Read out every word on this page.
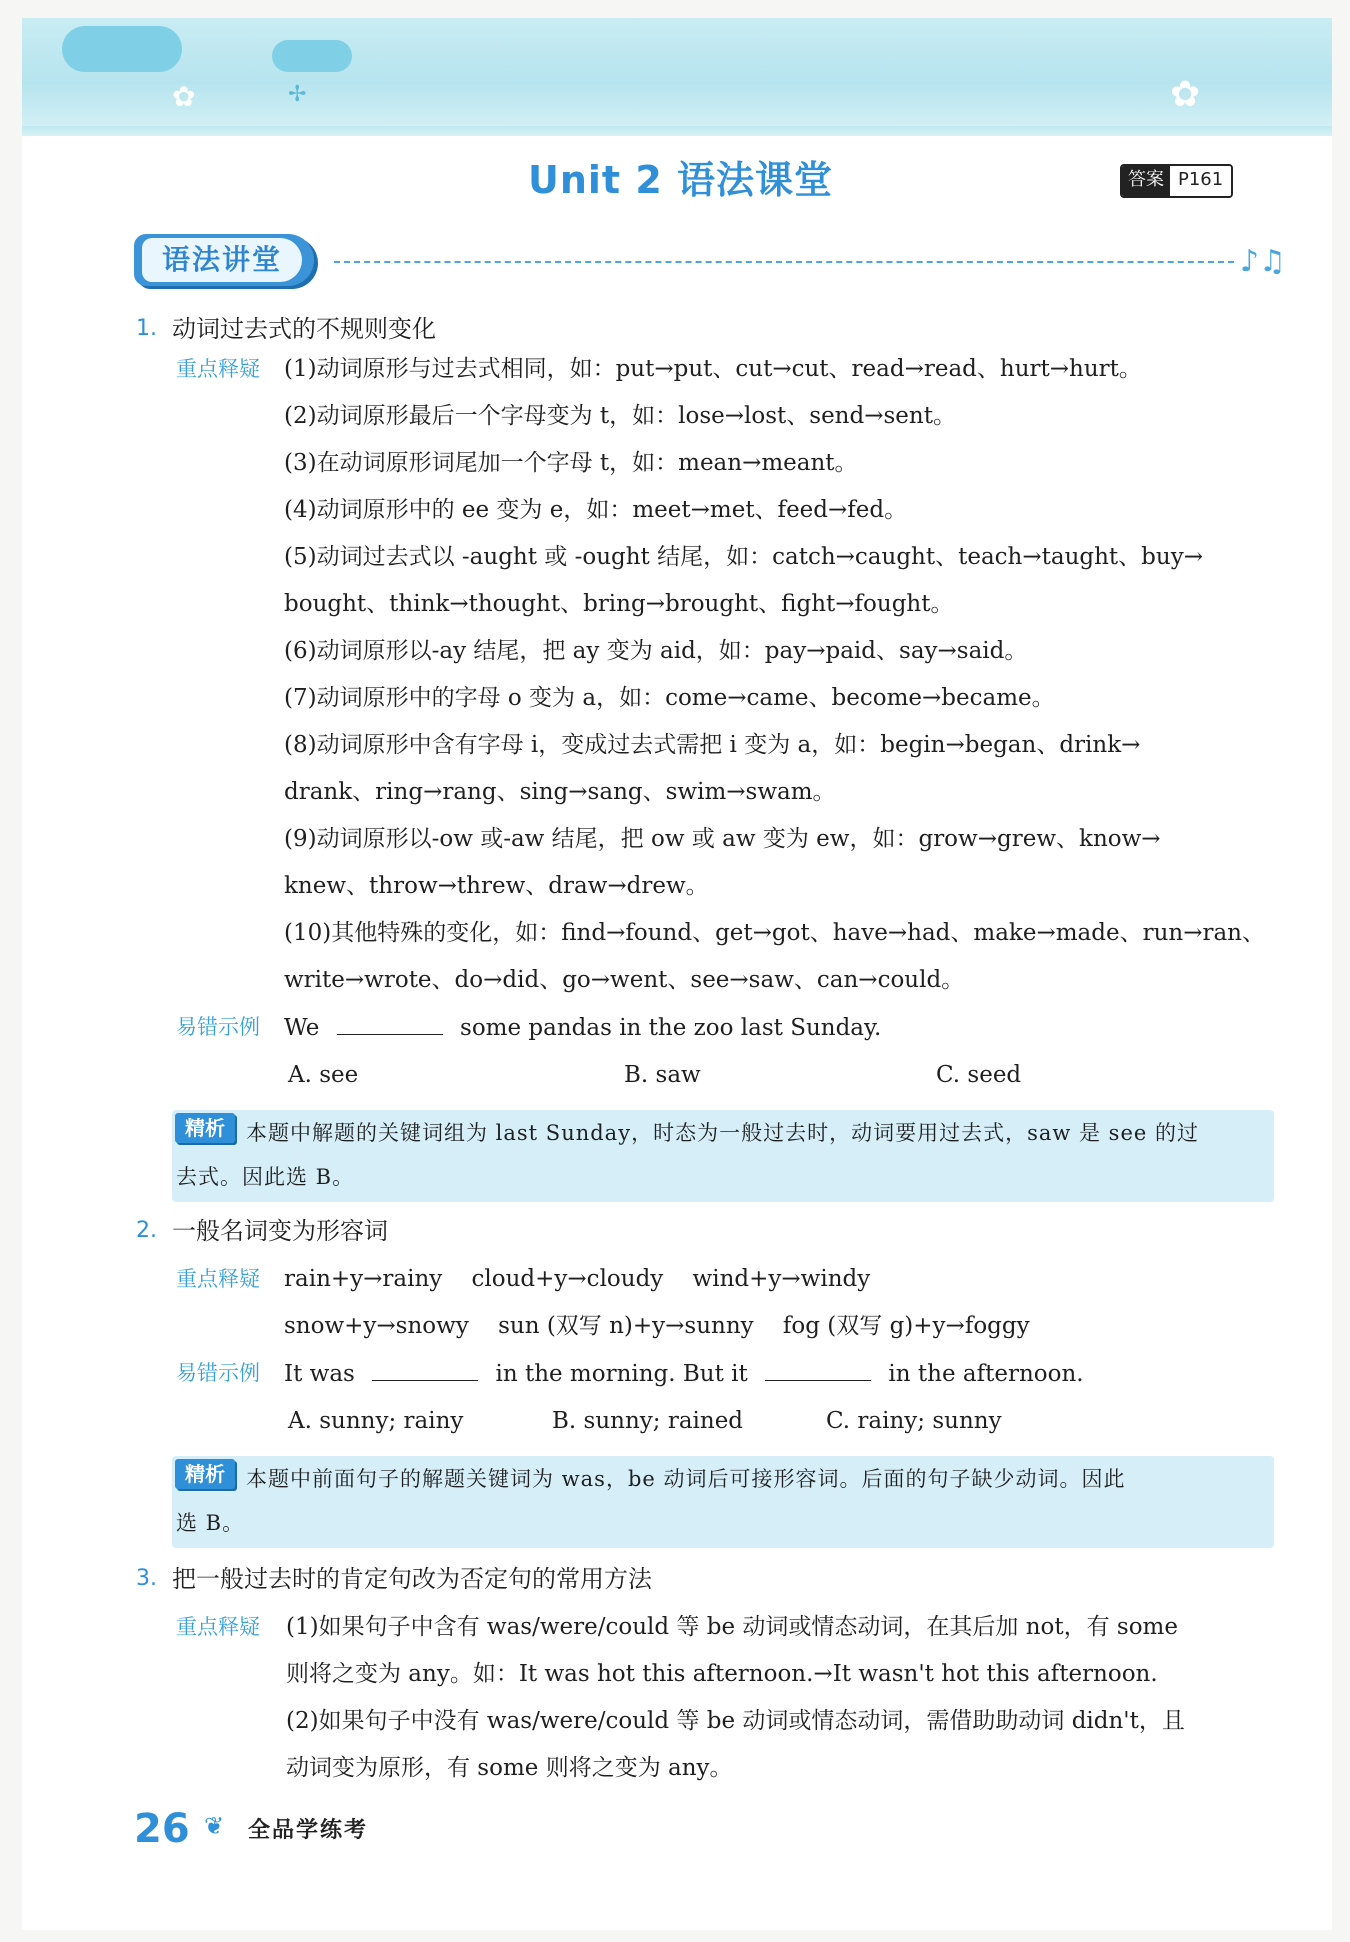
✿	✢	✿
Unit 2 语法课堂	答案 P161
语法讲堂	♪♫
1. 动词过去式的不规则变化
重点释疑 (1)动词原形与过去式相同，如：put→put、cut→cut、read→read、hurt→hurt。
(2)动词原形最后一个字母变为 t，如：lose→lost、send→sent。
(3)在动词原形词尾加一个字母 t，如：mean→meant。
(4)动词原形中的 ee 变为 e，如：meet→met、feed→fed。
(5)动词过去式以 -aught 或 -ought 结尾，如：catch→caught、teach→taught、buy→
bought、think→thought、bring→brought、fight→fought。
(6)动词原形以-ay 结尾，把 ay 变为 aid，如：pay→paid、say→said。
(7)动词原形中的字母 o 变为 a，如：come→came、become→became。
(8)动词原形中含有字母 i，变成过去式需把 i 变为 a，如：begin→began、drink→
drank、ring→rang、sing→sang、swim→swam。
(9)动词原形以-ow 或-aw 结尾，把 ow 或 aw 变为 ew，如：grow→grew、know→
knew、throw→threw、draw→drew。
(10)其他特殊的变化，如：find→found、get→got、have→had、make→made、run→ran、
write→wrote、do→did、go→went、see→saw、can→could。
易错示例 We	some pandas in the zoo last Sunday.
A. see	B. saw	C. seed
精析	本题中解题的关键词组为 last Sunday，时态为一般过去时，动词要用过去式，saw 是 see 的过
去式。因此选 B。
2. 一般名词变为形容词
重点释疑 rain+y→rainy    cloud+y→cloudy    wind+y→windy
snow+y→snowy    sun (双写 n)+y→sunny    fog (双写 g)+y→foggy
易错示例 It was	in the morning. But it	in the afternoon.
A. sunny; rainy	B. sunny; rained	C. rainy; sunny
精析	本题中前面句子的解题关键词为 was，be 动词后可接形容词。后面的句子缺少动词。因此
选 B。
3. 把一般过去时的肯定句改为否定句的常用方法
重点释疑 (1)如果句子中含有 was/were/could 等 be 动词或情态动词，在其后加 not，有 some
则将之变为 any。如：It was hot this afternoon.→It wasn't hot this afternoon.
(2)如果句子中没有 was/were/could 等 be 动词或情态动词，需借助助动词 didn't，且
动词变为原形，有 some 则将之变为 any。
26 ❦ 全品学练考
